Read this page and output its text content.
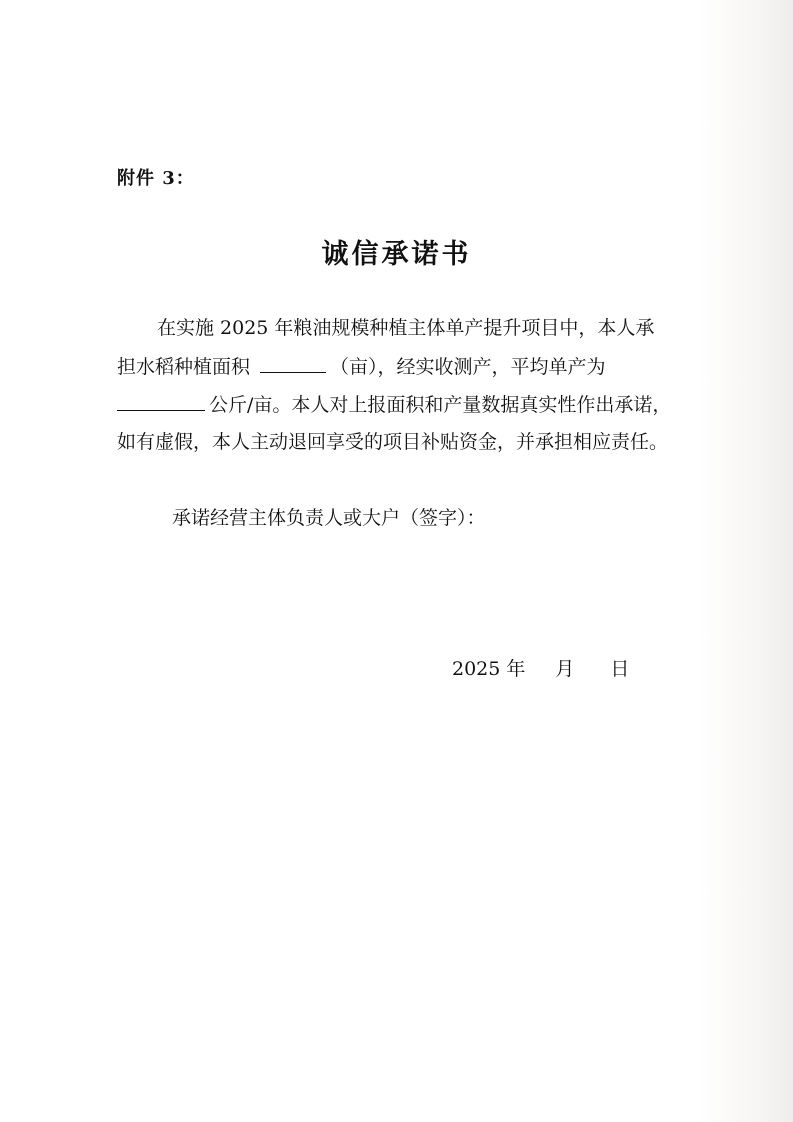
附件 3：
诚信承诺书
在实施 2025 年粮油规模种植主体单产提升项目中，本人承
担水稻种植面积	（亩），经实收测产，平均单产为
公斤/亩。本人对上报面积和产量数据真实性作出承诺，
如有虚假，本人主动退回享受的项目补贴资金，并承担相应责任。
承诺经营主体负责人或大户（签字）：
2025 年 月 日
